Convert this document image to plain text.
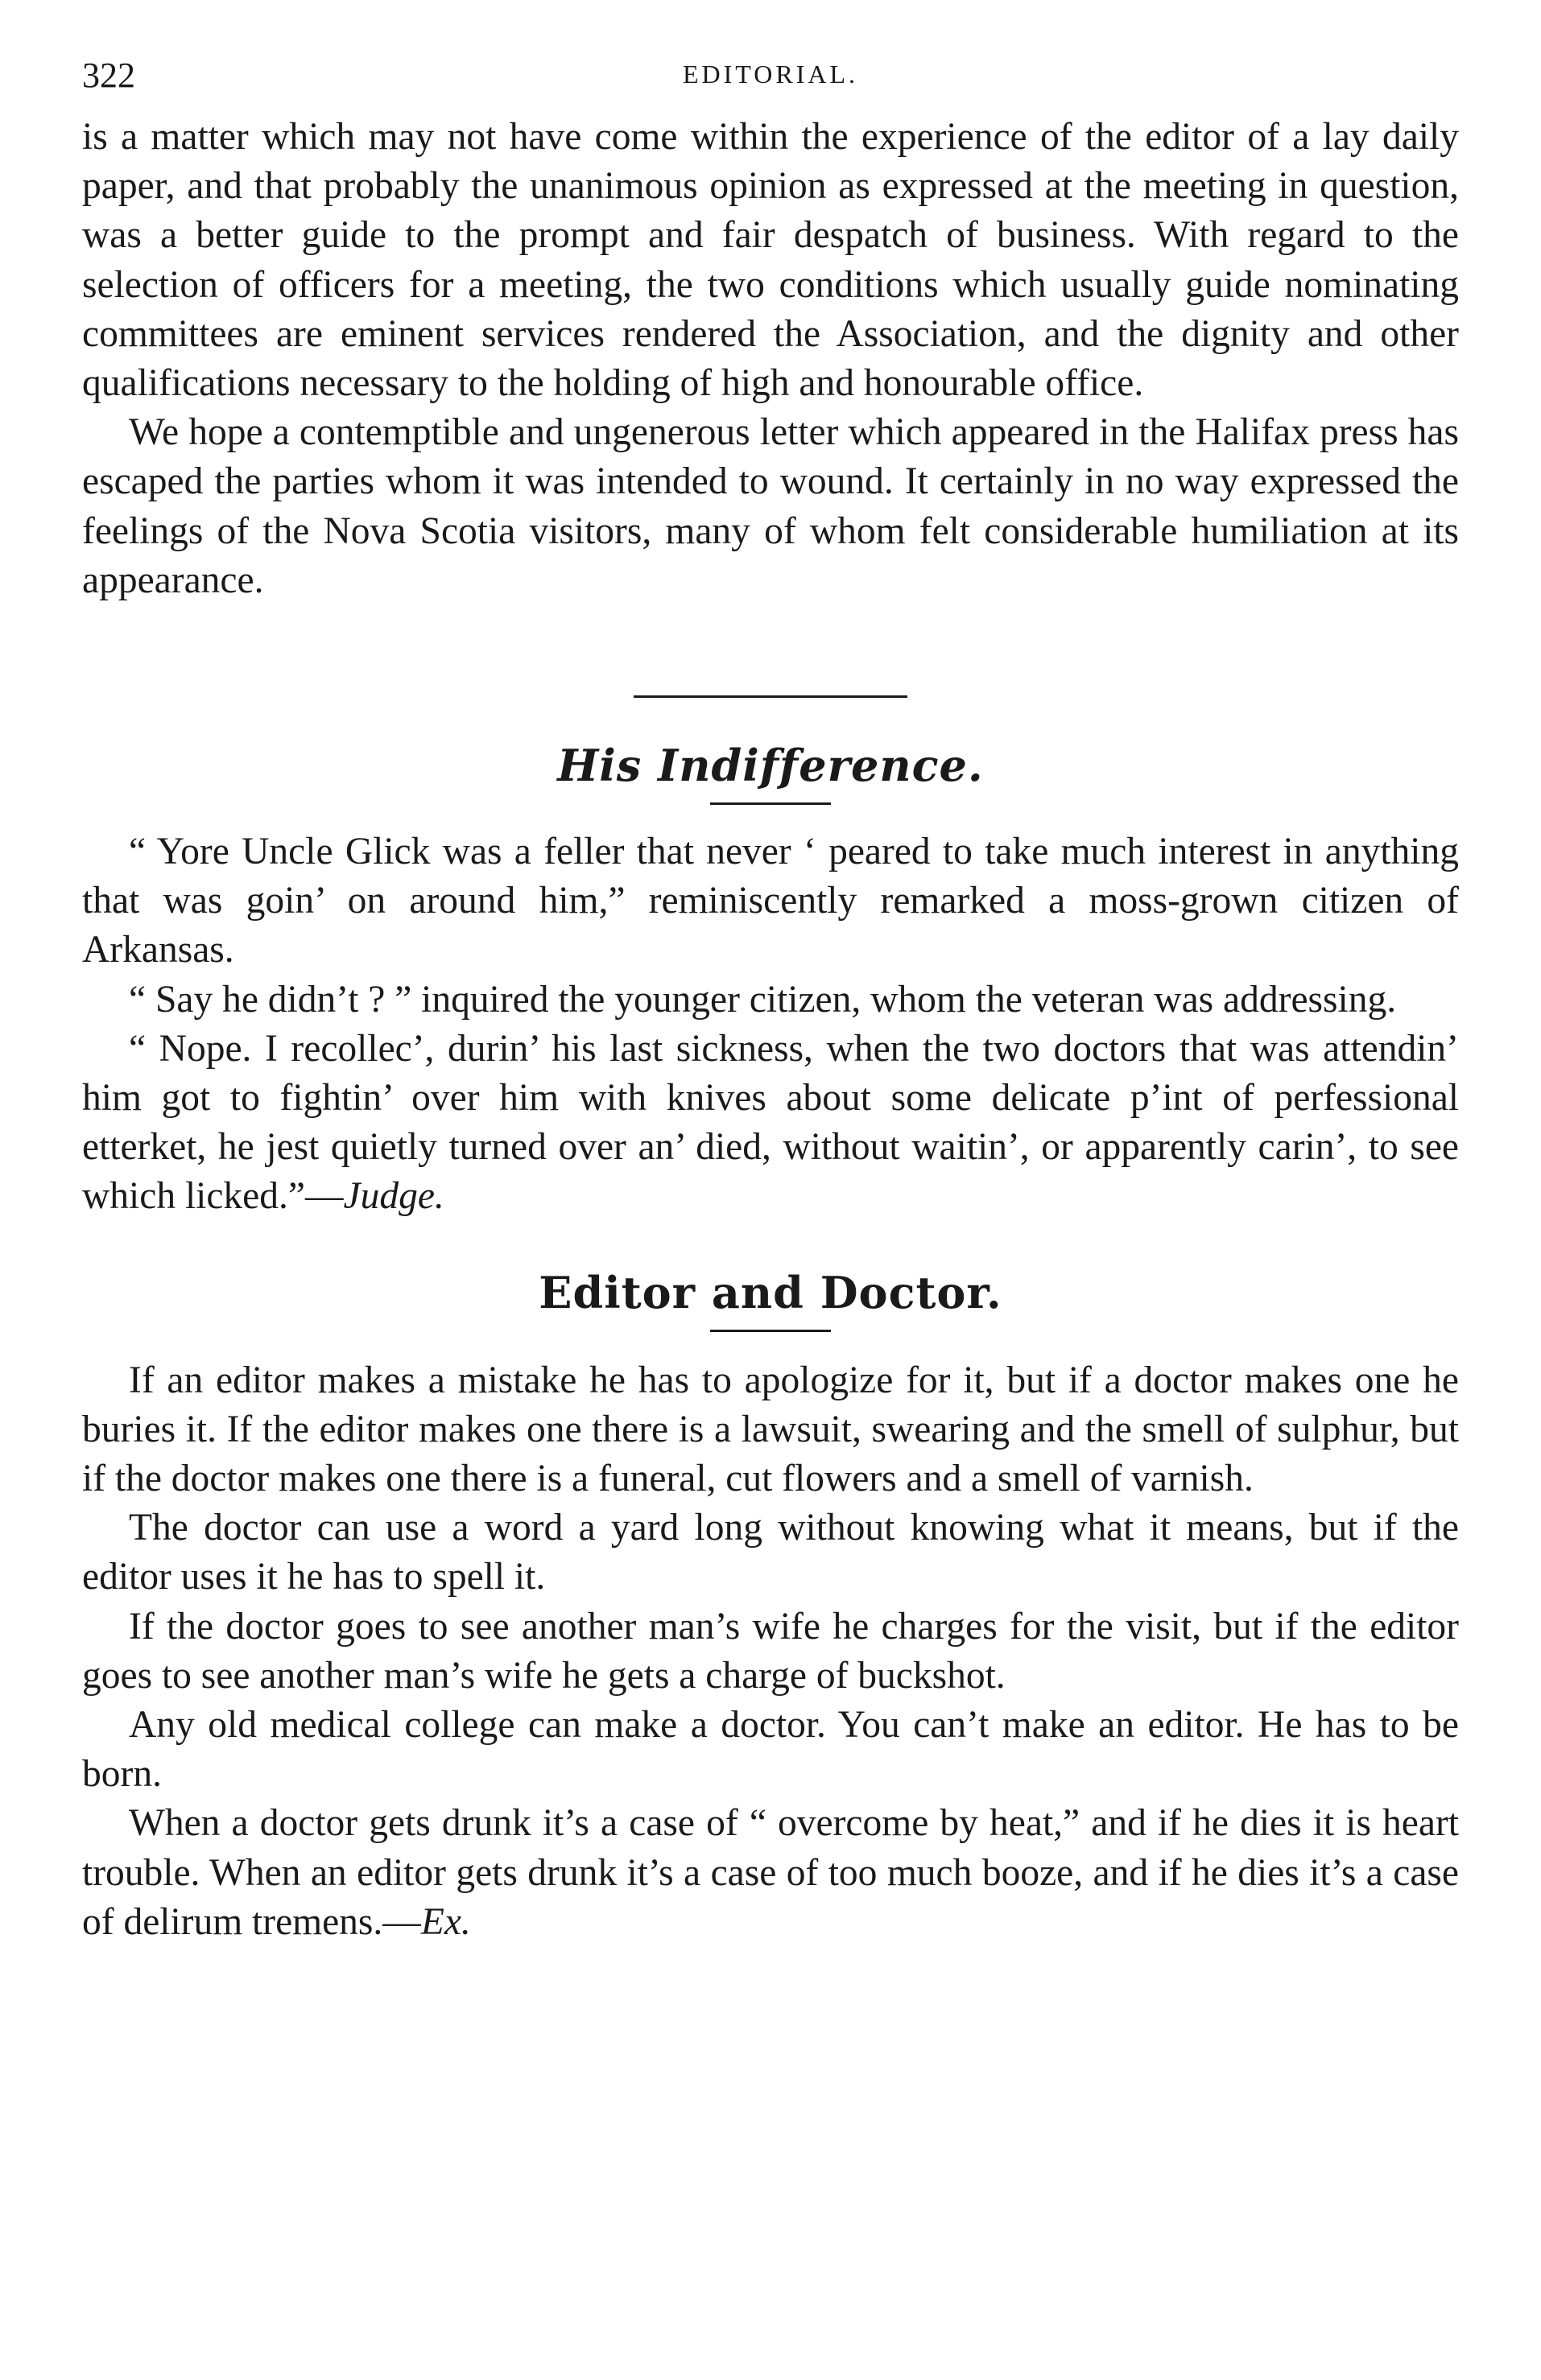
322	EDITORIAL.

is a matter which may not have come within the experience of the editor of a lay daily paper, and that probably the unanimous opinion as expressed at the meeting in question, was a better guide to the prompt and fair despatch of business. With regard to the selection of officers for a meeting, the two conditions which usually guide nominating committees are eminent services rendered the Association, and the dignity and other qualifications necessary to the holding of high and honourable office.

We hope a contemptible and ungenerous letter which appeared in the Halifax press has escaped the parties whom it was intended to wound. It certainly in no way expressed the feelings of the Nova Scotia visitors, many of whom felt considerable humiliation at its appearance.

His Indifference.

“ Yore Uncle Glick was a feller that never ‘ peared to take much interest in anything that was goin’ on around him,” reminiscently remarked a moss-grown citizen of Arkansas.

“ Say he didn’t ? ” inquired the younger citizen, whom the veteran was addressing.

“ Nope. I recollec’, durin’ his last sickness, when the two doctors that was attendin’ him got to fightin’ over him with knives about some delicate p’int of perfessional etterket, he jest quietly turned over an’ died, without waitin’, or apparently carin’, to see which licked.”—Judge.

Editor and Doctor.

If an editor makes a mistake he has to apologize for it, but if a doctor makes one he buries it. If the editor makes one there is a lawsuit, swearing and the smell of sulphur, but if the doctor makes one there is a funeral, cut flowers and a smell of varnish.

The doctor can use a word a yard long without knowing what it means, but if the editor uses it he has to spell it.

If the doctor goes to see another man’s wife he charges for the visit, but if the editor goes to see another man’s wife he gets a charge of buckshot.

Any old medical college can make a doctor. You can’t make an editor. He has to be born.

When a doctor gets drunk it’s a case of “ overcome by heat,” and if he dies it is heart trouble. When an editor gets drunk it’s a case of too much booze, and if he dies it’s a case of delirum tremens.—Ex.
